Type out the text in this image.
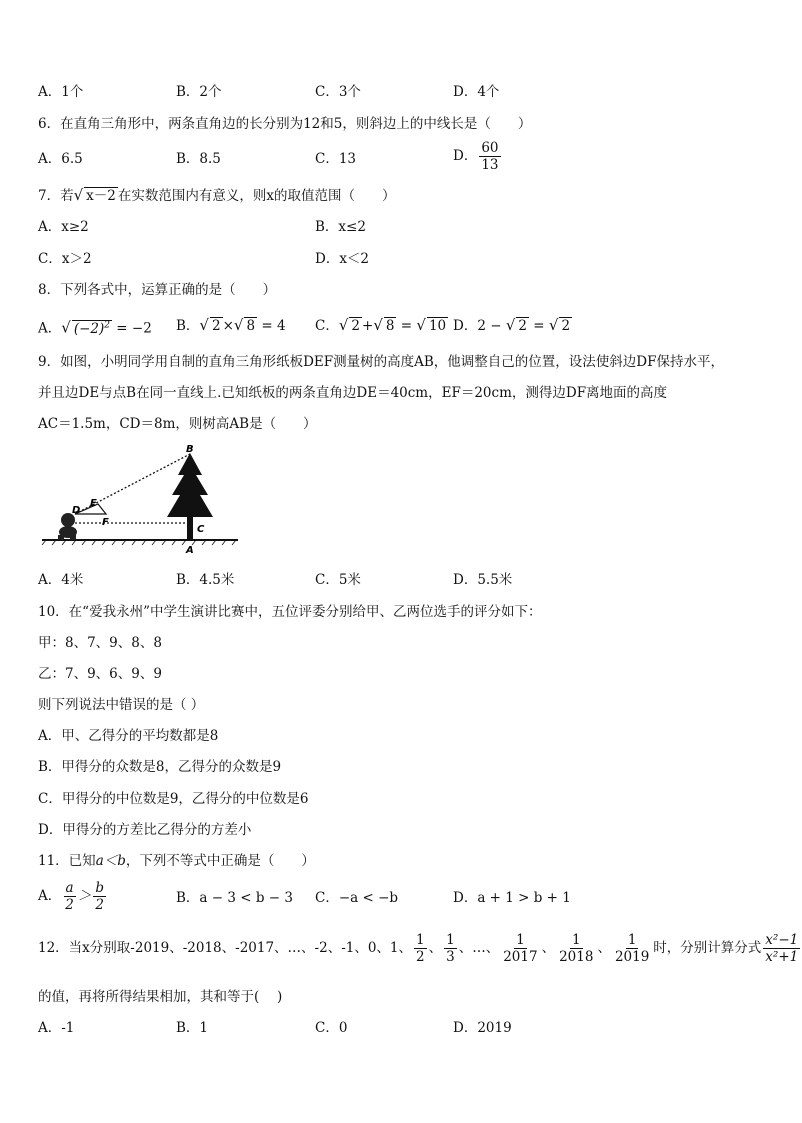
A．1个	B．2个	C．3个	D．4个
6．在直角三角形中，两条直角边的长分别为12和5，则斜边上的中线长是（　　）
A．6.5	B．8.5	C．13	D． $\frac{60}{13}$
7．若√ x－2 在实数范围内有意义，则x的取值范围（　　）
A．x≥2	B．x≤2
C．x＞2	D．x＜2
8．下列各式中，运算正确的是（　　）
A．√ $(-2)^2 = -2$ B．√ 2 ×√ 8 = 4 C．√ 2 +√ 8 = √ 10 D．2 − √ 2 = √ 2
9．如图，小明同学用自制的直角三角形纸板DEF测量树的高度AB，他调整自己的位置，设法使斜边DF保持水平，
并且边DE与点B在同一直线上.已知纸板的两条直角边DE＝40cm，EF＝20cm，测得边DF离地面的高度
AC＝1.5m，CD＝8m，则树高AB是（　　）
B
E
D
F
C
A
A．4米	B．4.5米	C．5米	D．5.5米
10．在“爱我永州”中学生演讲比赛中，五位评委分别给甲、乙两位选手的评分如下：
甲：8、7、9、8、8
乙：7、9、6、9、9
则下列说法中错误的是（ ）
A．甲、乙得分的平均数都是8
B．甲得分的众数是8，乙得分的众数是9
C．甲得分的中位数是9，乙得分的中位数是6
D．甲得分的方差比乙得分的方差小
11．已知a＜b，下列不等式中正确是（　　）
A． $\frac{a}{2} > \frac{b}{2}$	B．a − 3 < b − 3 C．−a < −b	D．a + 1 > b + 1
12．当x分别取-2019、-2018、-2017、…、-2、-1、0、1、 $\frac{1}{2}$ 、 $\frac{1}{3}$ 、…、 $\frac{1}{2017}$ 、 $\frac{1}{2018}$ 、 $\frac{1}{2019}$ 时，分别计算分式 $\frac{\text{x²−1}}{\text{x²+1}}$
的值，再将所得结果相加，其和等于(　 )
A．-1	B．1	C．0	D．2019
